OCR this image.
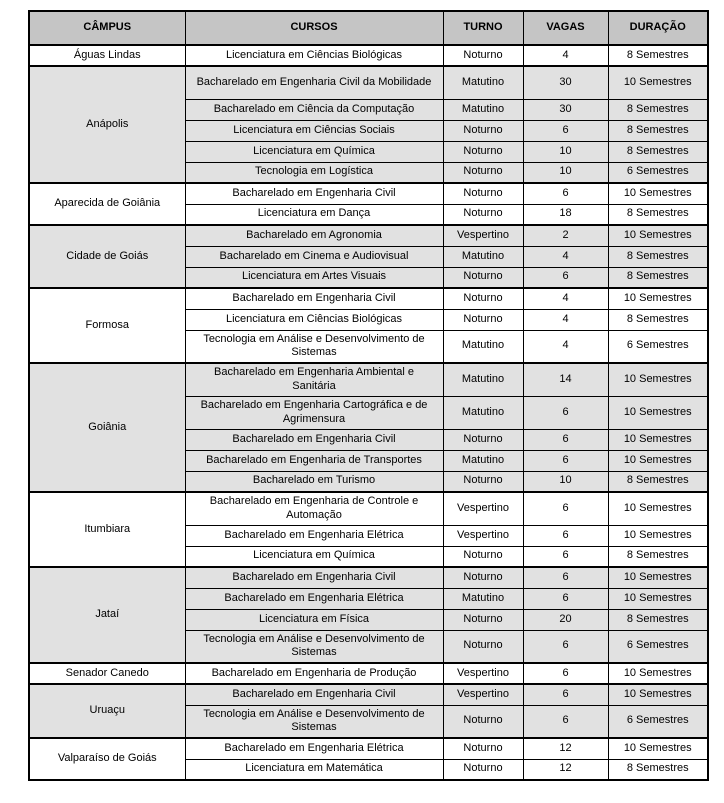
CÂMPUS	CURSOS	TURNO	VAGAS	DURAÇÃO
Águas Lindas	Licenciatura em Ciências Biológicas	Noturno	4	8 Semestres
Anápolis	Bacharelado em Engenharia Civil da Mobilidade	Matutino	30	10 Semestres
	Bacharelado em Ciência da Computação	Matutino	30	8 Semestres
	Licenciatura em Ciências Sociais	Noturno	6	8 Semestres
	Licenciatura em Química	Noturno	10	8 Semestres
	Tecnologia em Logística	Noturno	10	6 Semestres
Aparecida de Goiânia	Bacharelado em Engenharia Civil	Noturno	6	10 Semestres
	Licenciatura em Dança	Noturno	18	8 Semestres
Cidade de Goiás	Bacharelado em Agronomia	Vespertino	2	10 Semestres
	Bacharelado em Cinema e Audiovisual	Matutino	4	8 Semestres
	Licenciatura em Artes Visuais	Noturno	6	8 Semestres
Formosa	Bacharelado em Engenharia Civil	Noturno	4	10 Semestres
	Licenciatura em Ciências Biológicas	Noturno	4	8 Semestres
	Tecnologia em Análise e Desenvolvimento de Sistemas	Matutino	4	6 Semestres
Goiânia	Bacharelado em Engenharia Ambiental e Sanitária	Matutino	14	10 Semestres
	Bacharelado em Engenharia Cartográfica e de Agrimensura	Matutino	6	10 Semestres
	Bacharelado em Engenharia Civil	Noturno	6	10 Semestres
	Bacharelado em Engenharia de Transportes	Matutino	6	10 Semestres
	Bacharelado em Turismo	Noturno	10	8 Semestres
Itumbiara	Bacharelado em Engenharia de Controle e Automação	Vespertino	6	10 Semestres
	Bacharelado em Engenharia Elétrica	Vespertino	6	10 Semestres
	Licenciatura em Química	Noturno	6	8 Semestres
Jataí	Bacharelado em Engenharia Civil	Noturno	6	10 Semestres
	Bacharelado em Engenharia Elétrica	Matutino	6	10 Semestres
	Licenciatura em Física	Noturno	20	8 Semestres
	Tecnologia em Análise e Desenvolvimento de Sistemas	Noturno	6	6 Semestres
Senador Canedo	Bacharelado em Engenharia de Produção	Vespertino	6	10 Semestres
Uruaçu	Bacharelado em Engenharia Civil	Vespertino	6	10 Semestres
	Tecnologia em Análise e Desenvolvimento de Sistemas	Noturno	6	6 Semestres
Valparaíso de Goiás	Bacharelado em Engenharia Elétrica	Noturno	12	10 Semestres
	Licenciatura em Matemática	Noturno	12	8 Semestres
